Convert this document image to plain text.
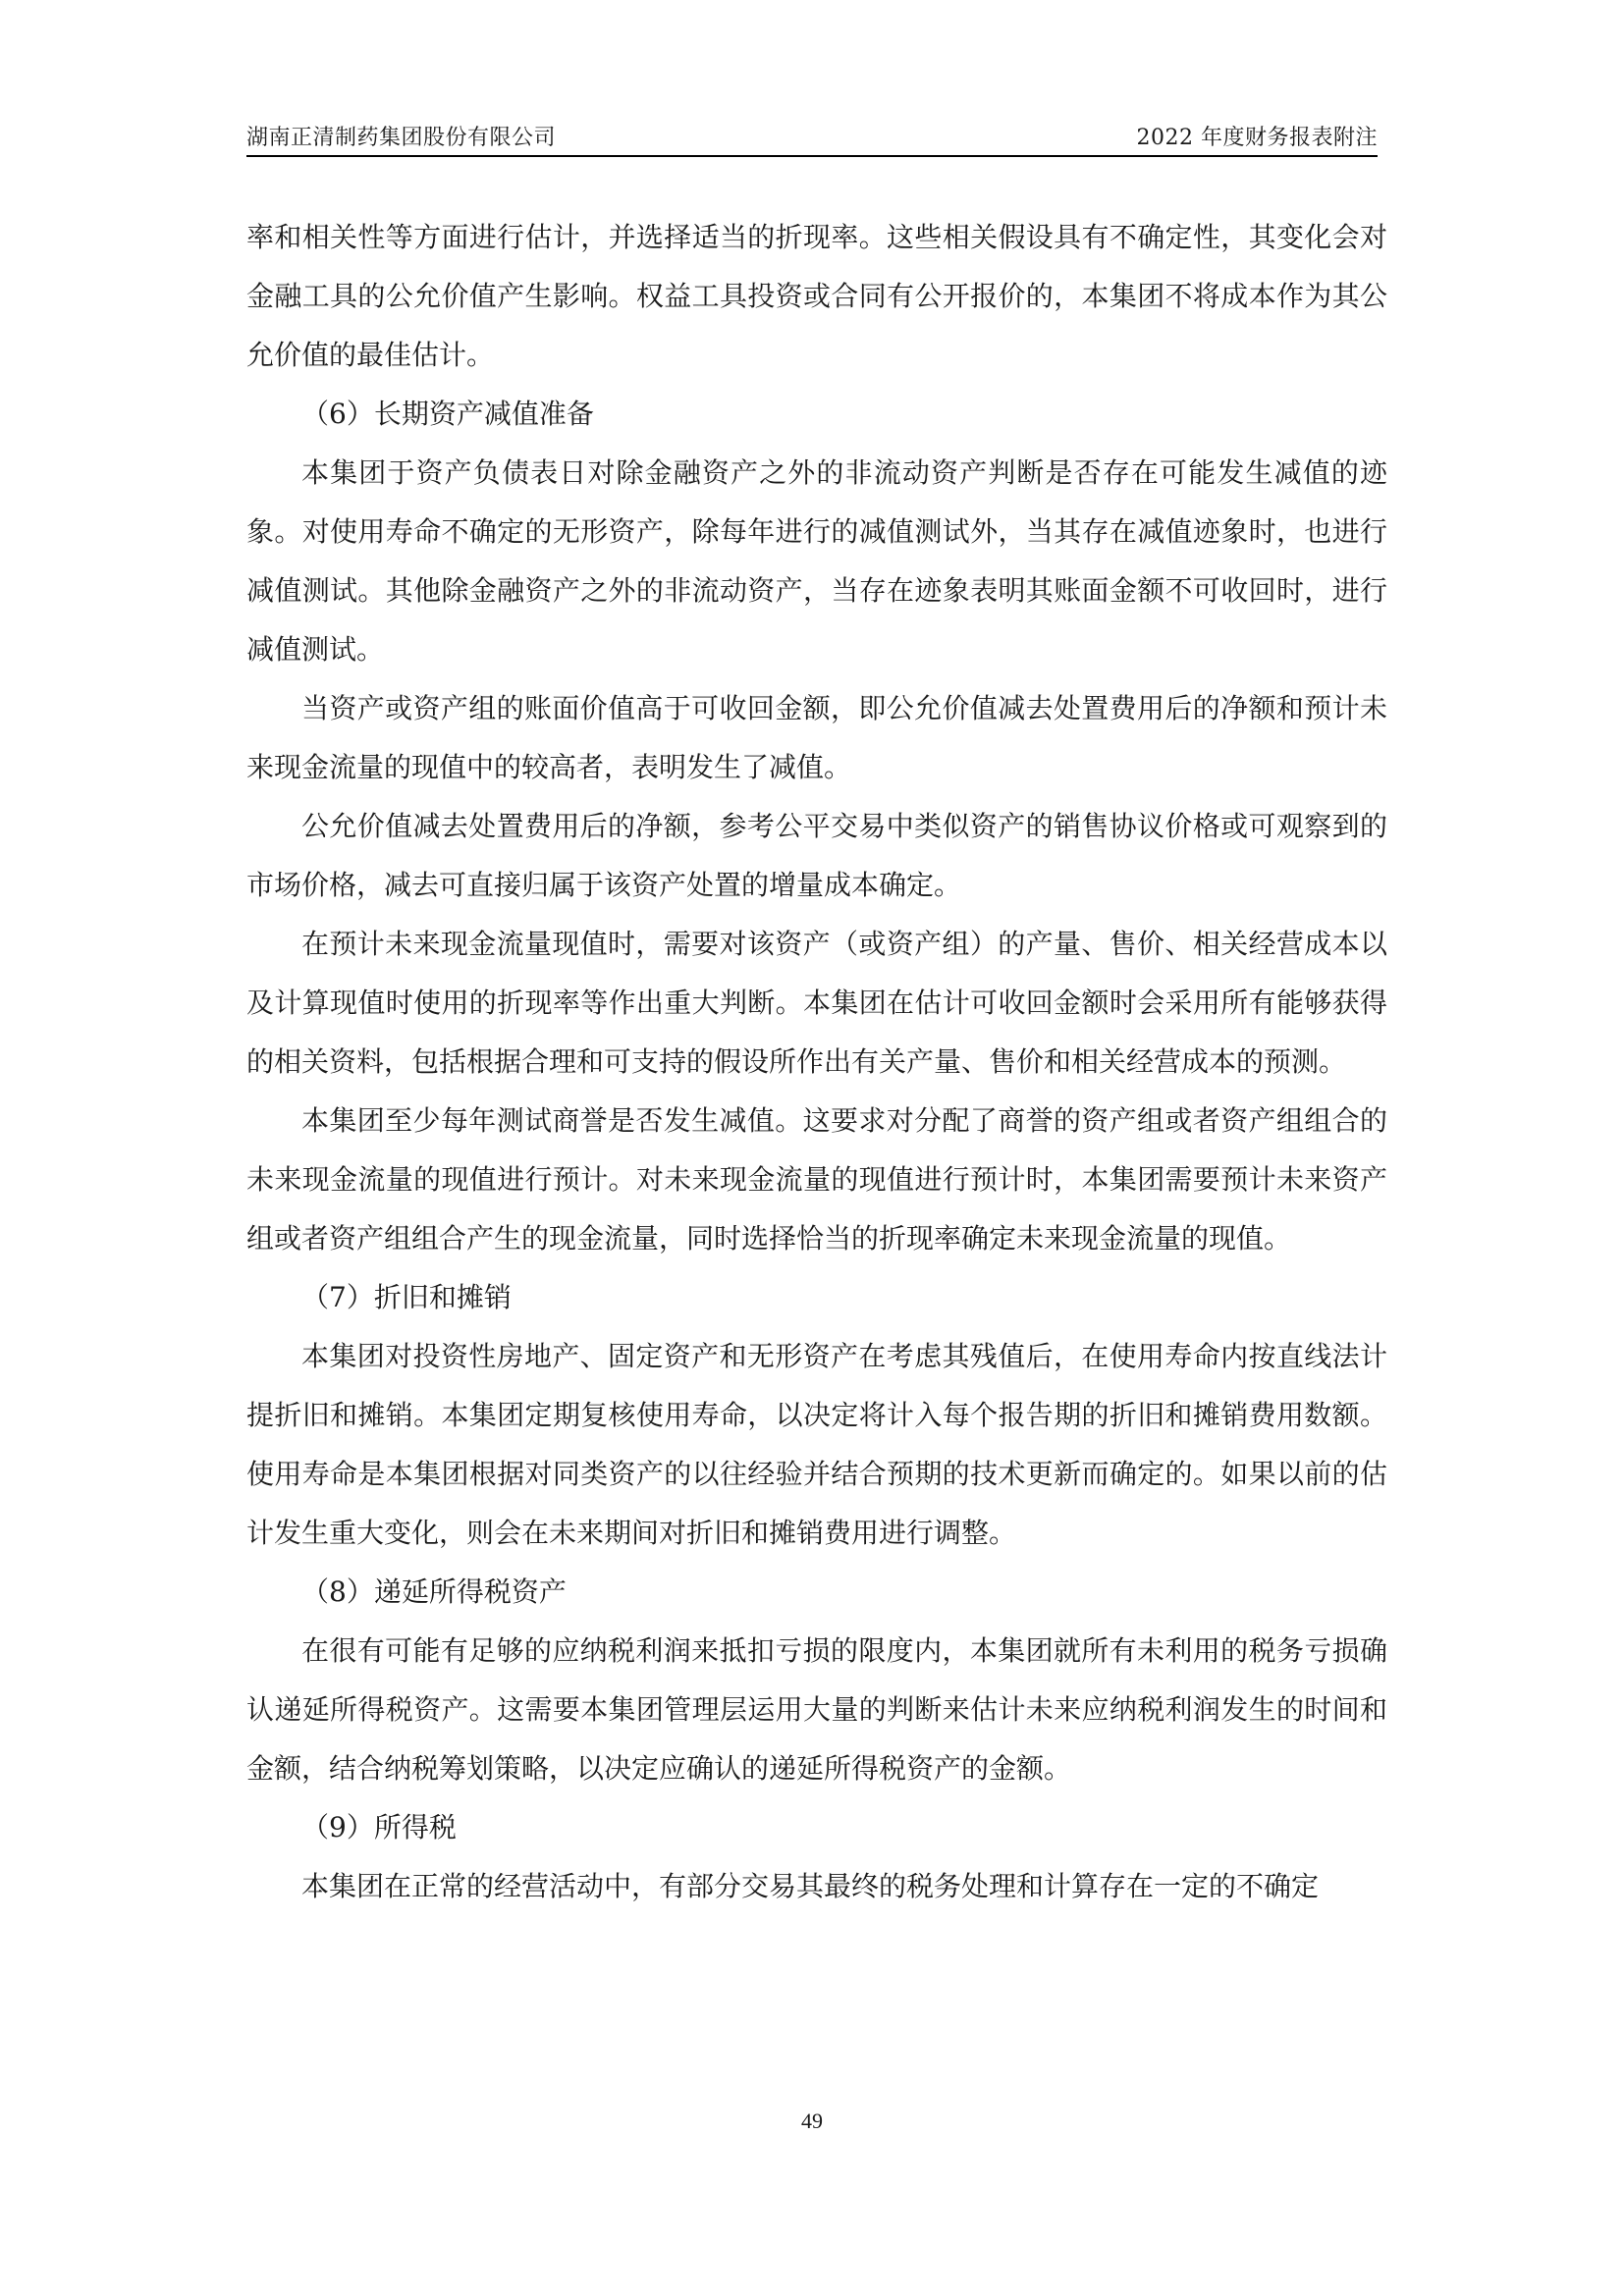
湖南正清制药集团股份有限公司	2022 年度财务报表附注

率和相关性等方面进行估计，并选择适当的折现率。这些相关假设具有不确定性，其变化会对金融工具的公允价值产生影响。权益工具投资或合同有公开报价的，本集团不将成本作为其公允价值的最佳估计。

（6）长期资产减值准备

本集团于资产负债表日对除金融资产之外的非流动资产判断是否存在可能发生减值的迹象。对使用寿命不确定的无形资产，除每年进行的减值测试外，当其存在减值迹象时，也进行减值测试。其他除金融资产之外的非流动资产，当存在迹象表明其账面金额不可收回时，进行减值测试。

当资产或资产组的账面价值高于可收回金额，即公允价值减去处置费用后的净额和预计未来现金流量的现值中的较高者，表明发生了减值。

公允价值减去处置费用后的净额，参考公平交易中类似资产的销售协议价格或可观察到的市场价格，减去可直接归属于该资产处置的增量成本确定。

在预计未来现金流量现值时，需要对该资产（或资产组）的产量、售价、相关经营成本以及计算现值时使用的折现率等作出重大判断。本集团在估计可收回金额时会采用所有能够获得的相关资料，包括根据合理和可支持的假设所作出有关产量、售价和相关经营成本的预测。

本集团至少每年测试商誉是否发生减值。这要求对分配了商誉的资产组或者资产组组合的未来现金流量的现值进行预计。对未来现金流量的现值进行预计时，本集团需要预计未来资产组或者资产组组合产生的现金流量，同时选择恰当的折现率确定未来现金流量的现值。

（7）折旧和摊销

本集团对投资性房地产、固定资产和无形资产在考虑其残值后，在使用寿命内按直线法计提折旧和摊销。本集团定期复核使用寿命，以决定将计入每个报告期的折旧和摊销费用数额。使用寿命是本集团根据对同类资产的以往经验并结合预期的技术更新而确定的。如果以前的估计发生重大变化，则会在未来期间对折旧和摊销费用进行调整。

（8）递延所得税资产

在很有可能有足够的应纳税利润来抵扣亏损的限度内，本集团就所有未利用的税务亏损确认递延所得税资产。这需要本集团管理层运用大量的判断来估计未来应纳税利润发生的时间和金额，结合纳税筹划策略，以决定应确认的递延所得税资产的金额。

（9）所得税

本集团在正常的经营活动中，有部分交易其最终的税务处理和计算存在一定的不确定

49
